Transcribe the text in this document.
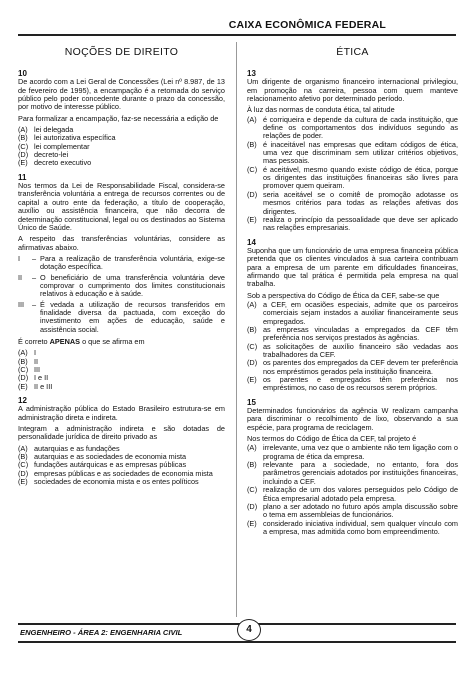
CAIXA ECONÔMICA FEDERAL
NOÇÕES DE DIREITO
10

De acordo com a Lei Geral de Concessões (Lei nº 8.987, de 13 de fevereiro de 1995), a encampação é a retomada do serviço público pelo poder concedente durante o prazo da concessão, por motivo de interesse público.

Para formalizar a encampação, faz-se necessária a edição de

(A) lei delegada
(B) lei autorizativa específica
(C) lei complementar
(D) decreto-lei
(E) decreto executivo
11

Nos termos da Lei de Responsabilidade Fiscal, considera-se transferência voluntária a entrega de recursos correntes ou de capital a outro ente da federação, a título de cooperação, auxílio ou assistência financeira, que não decorra de determinação constitucional, legal ou os destinados ao Sistema Único de Saúde.

A respeito das transferências voluntárias, considere as afirmativas abaixo.

I	– Para a realização de transferência voluntária, exige-se dotação específica.
II	– O beneficiário de uma transferência voluntária deve comprovar o cumprimento dos limites constitucionais relativos à educação e à saúde.
III	– É vedada a utilização de recursos transferidos em finalidade diversa da pactuada, com exceção do investimento em ações de educação, saúde e assistência social.

É correto APENAS o que se afirma em

(A) I
(B) II
(C) III
(D) I e II
(E) II e III
12

A administração pública do Estado Brasileiro estrutura-se em administração direta e indireta.

Integram a administração indireta e são dotadas de personalidade jurídica de direito privado as

(A) autarquias e as fundações
(B) autarquias e as sociedades de economia mista
(C) fundações autárquicas e as empresas públicas
(D) empresas públicas e as sociedades de economia mista
(E) sociedades de economia mista e os entes políticos
ÉTICA
13

Um dirigente de organismo financeiro internacional privilegiou, em promoção na carreira, pessoa com quem manteve relacionamento afetivo por determinado período.

À luz das normas de conduta ética, tal atitude

(A) é corriqueira e depende da cultura de cada instituição, que define os comportamentos dos indivíduos segundo as relações de poder.
(B) é inaceitável nas empresas que editam códigos de ética, uma vez que discriminam sem utilizar critérios objetivos, mas pessoais.
(C) é aceitável, mesmo quando existe código de ética, porque os dirigentes das instituições financeiras são livres para promover quem queiram.
(D) seria aceitável se o comitê de promoção adotasse os mesmos critérios para todas as relações afetivas dos dirigentes.
(E) realiza o princípio da pessoalidade que deve ser aplicado nas relações empresariais.
14

Suponha que um funcionário de uma empresa financeira pública pretenda que os clientes vinculados à sua carteira contribuam para a empresa de um parente em dificuldades financeiras, afirmando que tal prática é permitida pela empresa na qual trabalha.

Sob a perspectiva do Código de Ética da CEF, sabe-se que

(A) a CEF, em ocasiões especiais, admite que os parceiros comerciais sejam instados a auxiliar financeiramente seus empregados.
(B) as empresas vinculadas a empregados da CEF têm preferência nos serviços prestados às agências.
(C) as solicitações de auxílio financeiro são vedadas aos trabalhadores da CEF.
(D) os parentes dos empregados da CEF devem ter preferência nos empréstimos gerados pela instituição financeira.
(E) os parentes e empregados têm preferência nos empréstimos, no caso de os recursos serem próprios.
15

Determinados funcionários da agência W realizam campanha para discriminar o recolhimento de lixo, observando a sua espécie, para programa de reciclagem.

Nos termos do Código de Ética da CEF, tal projeto é

(A) irrelevante, uma vez que o ambiente não tem ligação com o programa de ética da empresa.
(B) relevante para a sociedade, no entanto, fora dos parâmetros gerenciais adotados por instituições financeiras, incluindo a CEF.
(C) realização de um dos valores perseguidos pelo Código de Ética empresarial adotado pela empresa.
(D) plano a ser adotado no futuro após ampla discussão sobre o tema em assembleias de funcionários.
(E) considerado iniciativa individual, sem qualquer vínculo com a empresa, mas admitida como bom empreendimento.
ENGENHEIRO - ÁREA 2: ENGENHARIA CIVIL	4
